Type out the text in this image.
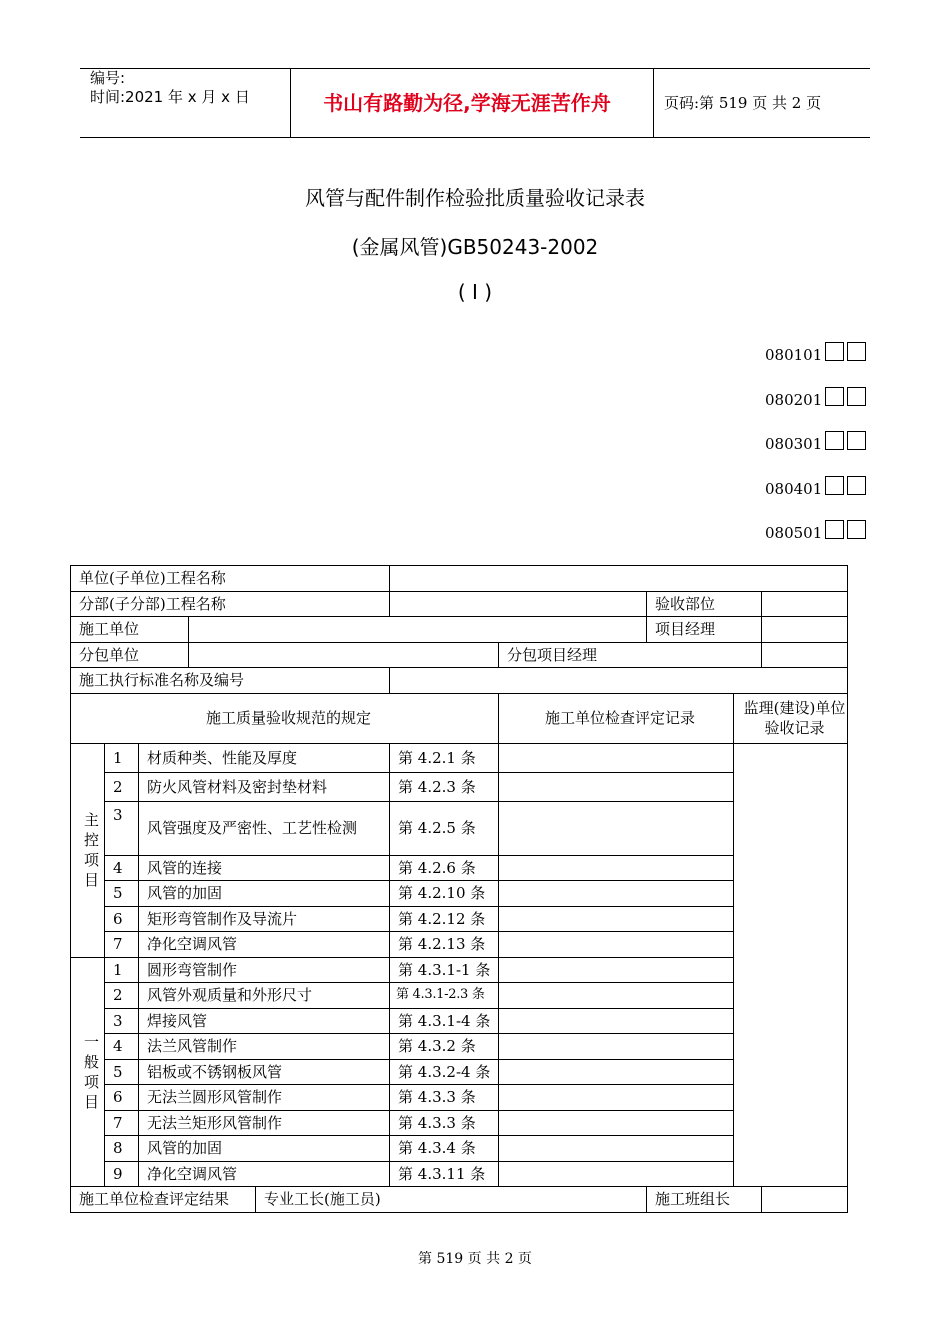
编号:
时间:2021 年 x 月 x 日	书山有路勤为径,学海无涯苦作舟	页码:第 519 页 共 2 页
风管与配件制作检验批质量验收记录表
(金属风管)GB50243-2002
( Ⅰ )
080101
080201
080301
080401
080501
单位(子单位)工程名称									
分部(子分部)工程名称							验收部位		
施工单位							项目经理		
分包单位						分包项目经理			
施工执行标准名称及编号									
施工质量验收规范的规定						施工单位检查评定记录		监理(建设)单位验收记录	

主控项目	1	材质种类、性能及厚度			第 4.2.1 条				
	2	防火风管材料及密封垫材料			第 4.2.3 条				
	3	风管强度及严密性、工艺性检测			第 4.2.5 条				
	4	风管的连接			第 4.2.6 条				
	5	风管的加固			第 4.2.10 条				
	6	矩形弯管制作及导流片			第 4.2.12 条				
	7	净化空调风管			第 4.2.13 条				

一般项目	1	圆形弯管制作			第 4.3.1-1 条				
	2	风管外观质量和外形尺寸			第 4.3.1-2.3 条				
	3	焊接风管			第 4.3.1-4 条				
	4	法兰风管制作			第 4.3.2 条				
	5	铝板或不锈钢板风管			第 4.3.2-4 条				
	6	无法兰圆形风管制作			第 4.3.3 条				
	7	无法兰矩形风管制作			第 4.3.3 条				
	8	风管的加固			第 4.3.4 条				
	9	净化空调风管			第 4.3.11 条				
施工单位检查评定结果				专业工长(施工员)			施工班组长		
第 519 页 共 2 页
